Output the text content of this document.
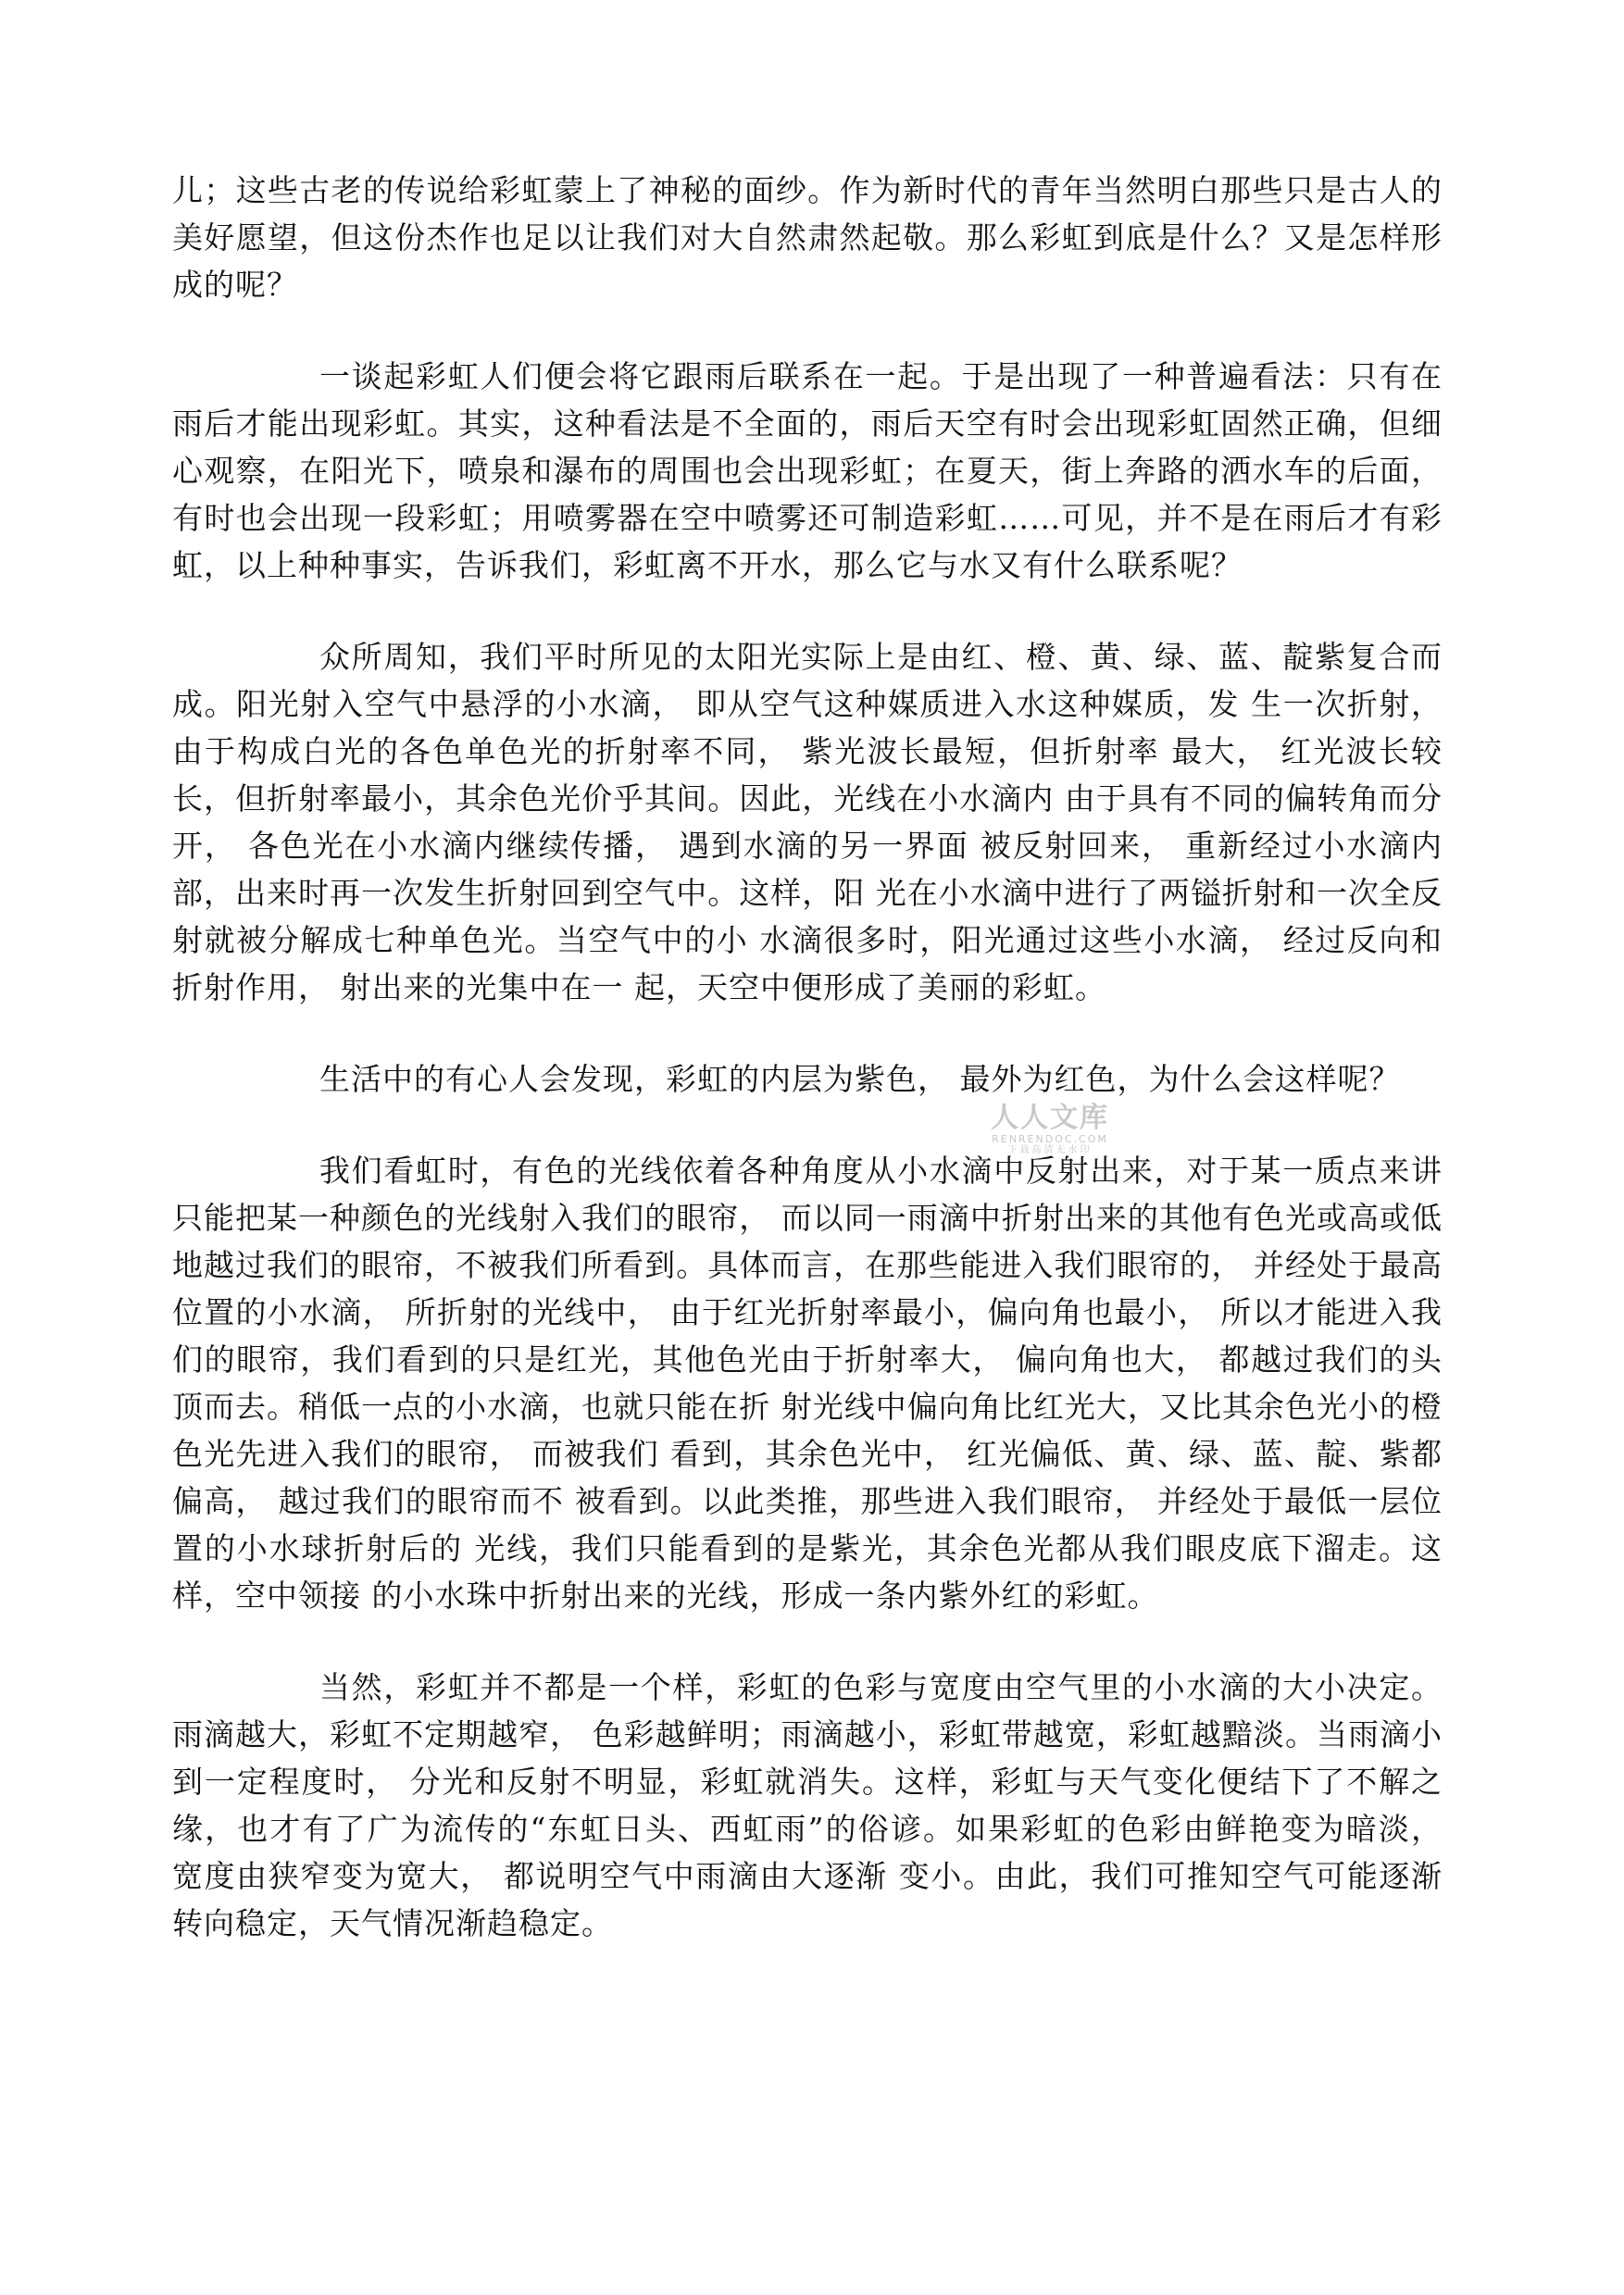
儿；这些古老的传说给彩虹蒙上了神秘的面纱。作为新时代的青年当然明白那些只是古人的美好愿望，但这份杰作也足以让我们对大自然肃然起敬。那么彩虹到底是什么？又是怎样形成的呢？

一谈起彩虹人们便会将它跟雨后联系在一起。于是出现了一种普遍看法：只有在雨后才能出现彩虹。其实，这种看法是不全面的，雨后天空有时会出现彩虹固然正确，但细心观察，在阳光下，喷泉和瀑布的周围也会出现彩虹；在夏天，街上奔路的洒水车的后面，有时也会出现一段彩虹；用喷雾器在空中喷雾还可制造彩虹……可见，并不是在雨后才有彩虹，以上种种事实，告诉我们，彩虹离不开水，那么它与水又有什么联系呢？

众所周知，我们平时所见的太阳光实际上是由红、橙、黄、绿、蓝、靛紫复合而成。阳光射入空气中悬浮的小水滴， 即从空气这种媒质进入水这种媒质，发 生一次折射， 由于构成白光的各色单色光的折射率不同， 紫光波长最短，但折射率 最大， 红光波长较长，但折射率最小，其余色光价乎其间。因此，光线在小水滴内 由于具有不同的偏转角而分开， 各色光在小水滴内继续传播， 遇到水滴的另一界面 被反射回来， 重新经过小水滴内部，出来时再一次发生折射回到空气中。这样，阳 光在小水滴中进行了两镒折射和一次全反射就被分解成七种单色光。当空气中的小 水滴很多时，阳光通过这些小水滴， 经过反向和折射作用， 射出来的光集中在一 起，天空中便形成了美丽的彩虹。

生活中的有心人会发现，彩虹的内层为紫色， 最外为红色，为什么会这样呢？

我们看虹时，有色的光线依着各种角度从小水滴中反射出来，对于某一质点来讲只能把某一种颜色的光线射入我们的眼帘， 而以同一雨滴中折射出来的其他有色光或高或低地越过我们的眼帘，不被我们所看到。具体而言，在那些能进入我们眼帘的， 并经处于最高位置的小水滴， 所折射的光线中， 由于红光折射率最小，偏向角也最小， 所以才能进入我们的眼帘，我们看到的只是红光，其他色光由于折射率大， 偏向角也大， 都越过我们的头顶而去。稍低一点的小水滴，也就只能在折 射光线中偏向角比红光大，又比其余色光小的橙色光先进入我们的眼帘， 而被我们 看到，其余色光中， 红光偏低、黄、绿、蓝、靛、紫都偏高， 越过我们的眼帘而不 被看到。以此类推，那些进入我们眼帘， 并经处于最低一层位置的小水球折射后的 光线，我们只能看到的是紫光，其余色光都从我们眼皮底下溜走。这样，空中领接 的小水珠中折射出来的光线，形成一条内紫外红的彩虹。

当然，彩虹并不都是一个样，彩虹的色彩与宽度由空气里的小水滴的大小决定。雨滴越大，彩虹不定期越窄， 色彩越鲜明；雨滴越小，彩虹带越宽，彩虹越黯淡。当雨滴小到一定程度时， 分光和反射不明显，彩虹就消失。这样，彩虹与天气变化便结下了不解之缘，也才有了广为流传的“东虹日头、西虹雨”的俗谚。如果彩虹的色彩由鲜艳变为暗淡， 宽度由狭窄变为宽大， 都说明空气中雨滴由大逐渐 变小。由此，我们可推知空气可能逐渐转向稳定，天气情况渐趋稳定。

人人文库
RENRENDOC.COM
下载高清无水印
